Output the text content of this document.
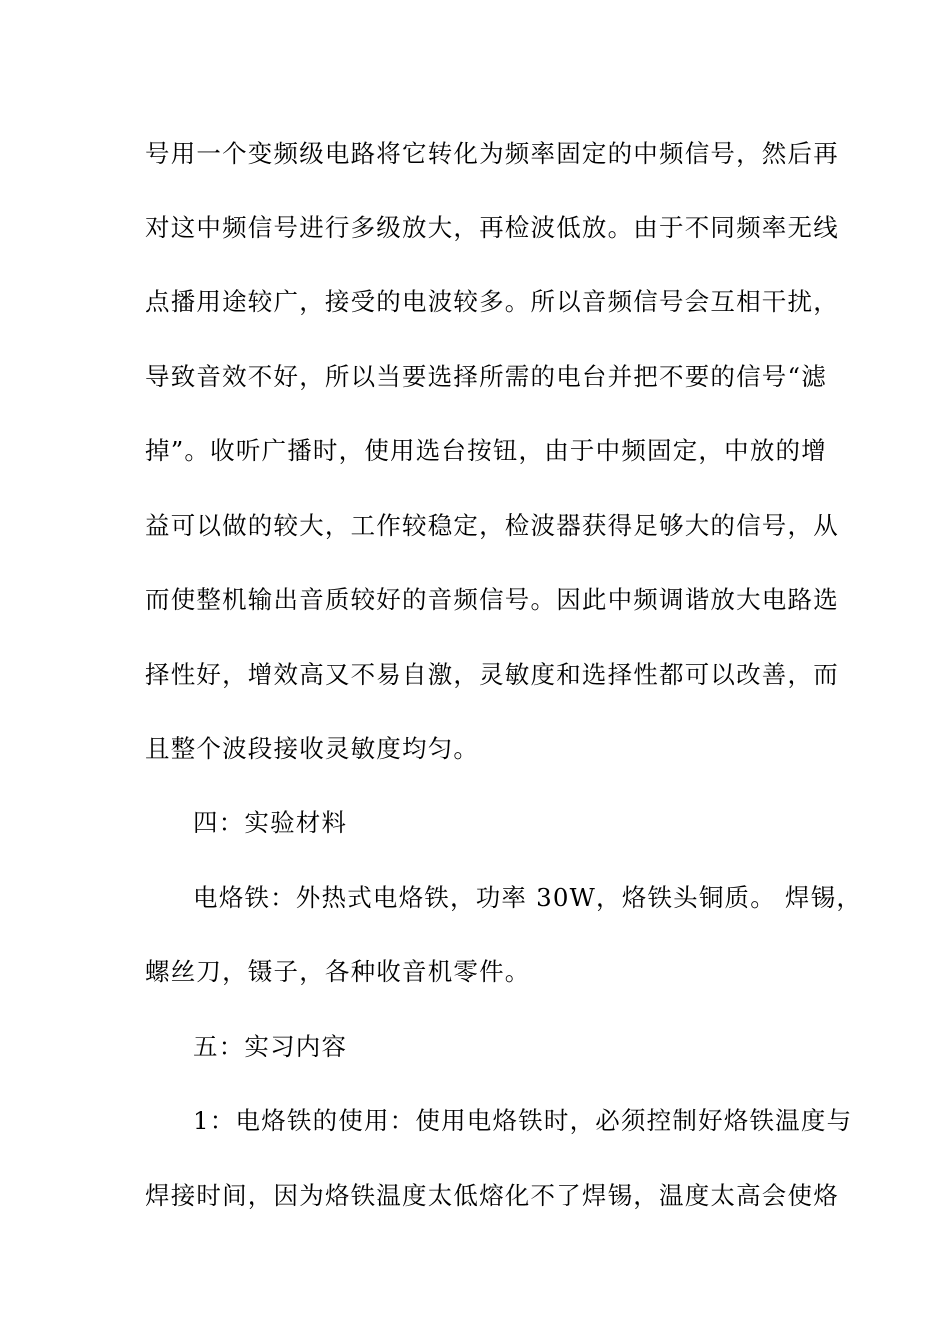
号用一个变频级电路将它转化为频率固定的中频信号，然后再
对这中频信号进行多级放大，再检波低放。由于不同频率无线
点播用途较广，接受的电波较多。所以音频信号会互相干扰，
导致音效不好，所以当要选择所需的电台并把不要的信号“滤
掉”。收听广播时，使用选台按钮，由于中频固定，中放的增
益可以做的较大，工作较稳定，检波器获得足够大的信号，从
而使整机输出音质较好的音频信号。因此中频调谐放大电路选
择性好，增效高又不易自激，灵敏度和选择性都可以改善，而
且整个波段接收灵敏度均匀。
四：实验材料
电烙铁：外热式电烙铁，功率 30W，烙铁头铜质。 焊锡，
螺丝刀，镊子，各种收音机零件。
五：实习内容
1：电烙铁的使用：使用电烙铁时，必须控制好烙铁温度与
焊接时间，因为烙铁温度太低熔化不了焊锡，温度太高会使烙
